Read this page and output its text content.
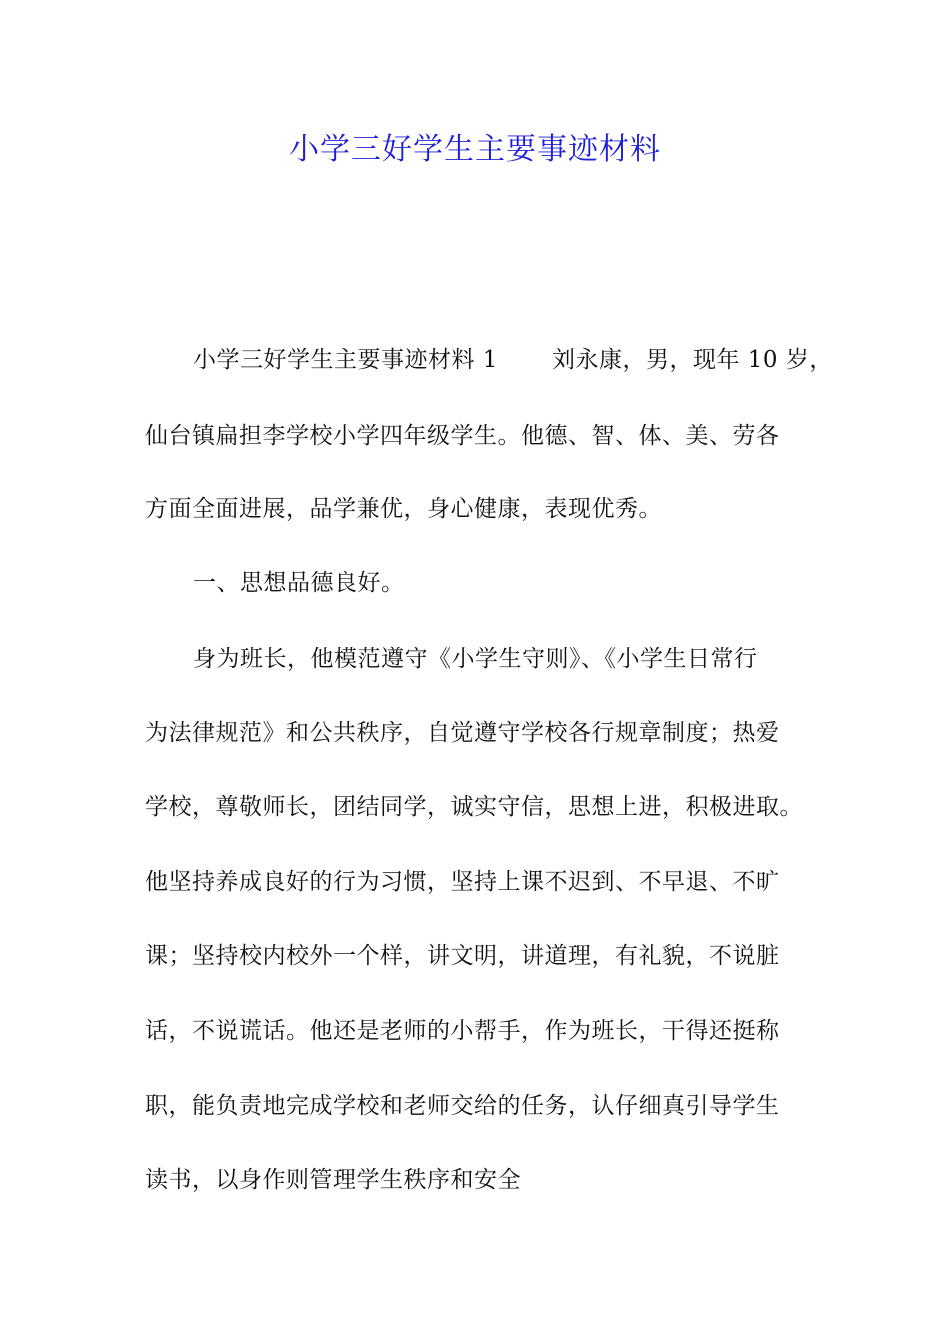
小学三好学生主要事迹材料
小学三好学生主要事迹材料 1 刘永康，男，现年 10 岁，
仙台镇扁担李学校小学四年级学生。他德、智、体、美、劳各
方面全面进展，品学兼优，身心健康，表现优秀。
一、思想品德良好。
身为班长，他模范遵守《小学生守则》、《小学生日常行
为法律规范》和公共秩序，自觉遵守学校各行规章制度；热爱
学校，尊敬师长，团结同学，诚实守信，思想上进，积极进取。
他坚持养成良好的行为习惯，坚持上课不迟到、不早退、不旷
课；坚持校内校外一个样，讲文明，讲道理，有礼貌，不说脏
话，不说谎话。他还是老师的小帮手，作为班长，干得还挺称
职，能负责地完成学校和老师交给的任务，认仔细真引导学生
读书，以身作则管理学生秩序和安全
